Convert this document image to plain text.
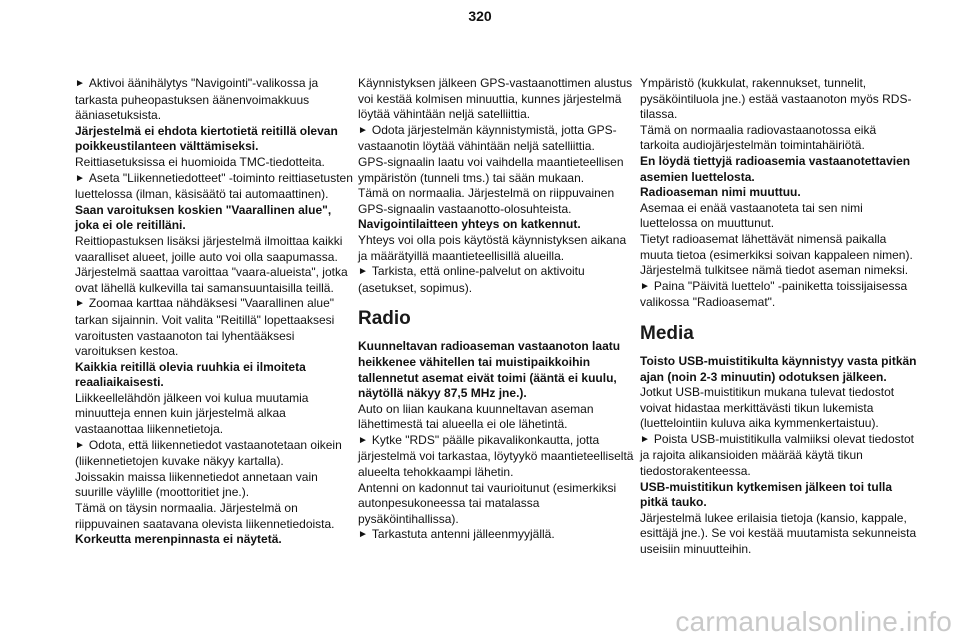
320
► Aktivoi äänihälytys "Navigointi"-valikossa ja tarkasta puheopastuksen äänenvoimakkuus ääniasetuksista.
Järjestelmä ei ehdota kiertotietä reitillä olevan poikkeustilanteen välttämiseksi.
Reittiasetuksissa ei huomioida TMC-tiedotteita.
► Aseta "Liikennetiedotteet" -toiminto reittiasetusten luettelossa (ilman, käsisäätö tai automaattinen).
Saan varoituksen koskien "Vaarallinen alue", joka ei ole reitilläni.
Reittiopastuksen lisäksi järjestelmä ilmoittaa kaikki vaaralliset alueet, joille auto voi olla saapumassa. Järjestelmä saattaa varoittaa "vaara-alueista", jotka ovat lähellä kulkevilla tai samansuuntaisilla teillä.
► Zoomaa karttaa nähdäksesi "Vaarallinen alue" tarkan sijainnin. Voit valita "Reitillä" lopettaaksesi varoitusten vastaanoton tai lyhentääksesi varoituksen kestoa.
Kaikkia reitillä olevia ruuhkia ei ilmoiteta reaaliaikaisesti.
Liikkeellelähdön jälkeen voi kulua muutamia minuutteja ennen kuin järjestelmä alkaa vastaanottaa liikennetietoja.
► Odota, että liikennetiedot vastaanotetaan oikein (liikennetietojen kuvake näkyy kartalla).
Joissakin maissa liikennetiedot annetaan vain suurille väylille (moottoritiet jne.).
Tämä on täysin normaalia. Järjestelmä on riippuvainen saatavana olevista liikennetiedoista.
Korkeutta merenpinnasta ei näytetä.
Käynnistyksen jälkeen GPS-vastaanottimen alustus voi kestää kolmisen minuuttia, kunnes järjestelmä löytää vähintään neljä satelliittia.
► Odota järjestelmän käynnistymistä, jotta GPS-vastaanotin löytää vähintään neljä satelliittia.
GPS-signaalin laatu voi vaihdella maantieteellisen ympäristön (tunneli tms.) tai sään mukaan.
Tämä on normaalia. Järjestelmä on riippuvainen GPS-signaalin vastaanotto-olosuhteista.
Navigointilaitteen yhteys on katkennut.
Yhteys voi olla pois käytöstä käynnistyksen aikana ja määrätyillä maantieteellisillä alueilla.
► Tarkista, että online-palvelut on aktivoitu (asetukset, sopimus).
Radio
Kuunneltavan radioaseman vastaanoton laatu heikkenee vähitellen tai muistipaikkoihin tallennetut asemat eivät toimi (ääntä ei kuulu, näytöllä näkyy 87,5 MHz jne.).
Auto on liian kaukana kuunneltavan aseman lähettimestä tai alueella ei ole lähetintä.
► Kytke "RDS" päälle pikavalikonkautta, jotta järjestelmä voi tarkastaa, löytyykö maantieteelliseltä alueelta tehokkaampi lähetin.
Antenni on kadonnut tai vaurioitunut (esimerkiksi autonpesukoneessa tai matalassa pysäköintihallissa).
► Tarkastuta antenni jälleenmyyjällä.
Ympäristö (kukkulat, rakennukset, tunnelit, pysäköintiluola jne.) estää vastaanoton myös RDS-tilassa.
Tämä on normaalia radiovastaanotossa eikä tarkoita audiojärjestelmän toimintahäiriötä.
En löydä tiettyjä radioasemia vastaanotettavien asemien luettelosta.
Radioaseman nimi muuttuu.
Asemaa ei enää vastaanoteta tai sen nimi luettelossa on muuttunut.
Tietyt radioasemat lähettävät nimensä paikalla muuta tietoa (esimerkiksi soivan kappaleen nimen).
Järjestelmä tulkitsee nämä tiedot aseman nimeksi.
► Paina "Päivitä luettelo" -painiketta toissijaisessa valikossa "Radioasemat".
Media
Toisto USB-muistitikulta käynnistyy vasta pitkän ajan (noin 2-3 minuutin) odotuksen jälkeen.
Jotkut USB-muistitikun mukana tulevat tiedostot voivat hidastaa merkittävästi tikun lukemista (luettelointiin kuluva aika kymmenkertaistuu).
► Poista USB-muistitikulla valmiiksi olevat tiedostot ja rajoita alikansioiden määrää käytä tikun tiedostorakenteessa.
USB-muistitikun kytkemisen jälkeen toi tulla pitkä tauko.
Järjestelmä lukee erilaisia tietoja (kansio, kappale, esittäjä jne.). Se voi kestää muutamista sekunneista useisiin minuutteihin.
carmanualsonline.info
